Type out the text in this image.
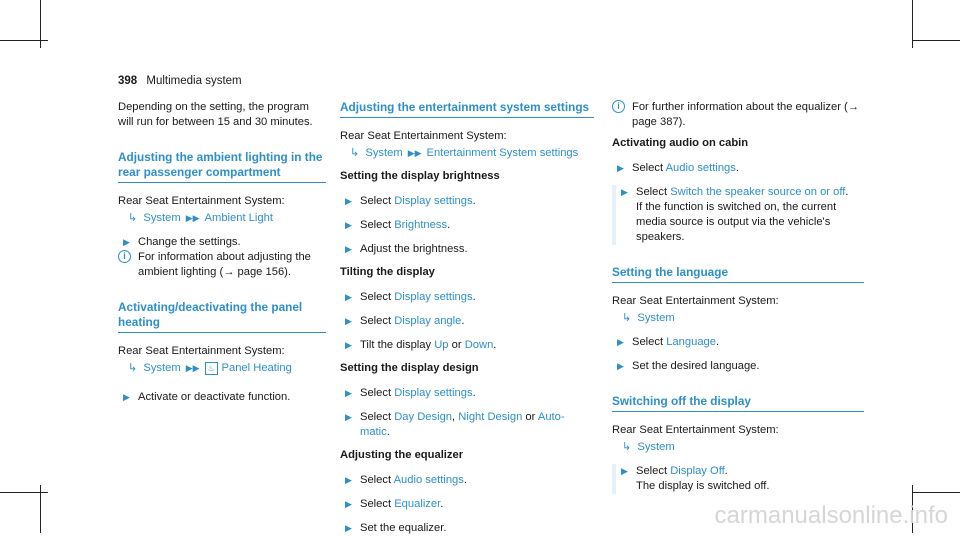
398 Multimedia system

Depending on the setting, the program will run for between 15 and 30 minutes.

Adjusting the ambient lighting in the rear passenger compartment

Rear Seat Entertainment System:

↳ System ▶▶ Ambient Light
▶ Change the settings.
i	For information about adjusting the ambient lighting (→ page 156).
Activating/deactivating the panel heating

Rear Seat Entertainment System:

↳ System ▶▶ ♨ Panel Heating
▶ Activate or deactivate function.
Adjusting the entertainment system settings

Rear Seat Entertainment System:

↳ System ▶▶ Entertainment System settings
Setting the display brightness
▶ Select Display settings.
▶ Select Brightness.
▶ Adjust the brightness.
Tilting the display
▶ Select Display settings.
▶ Select Display angle.
▶ Tilt the display Up or Down.
Setting the display design
▶ Select Display settings.
▶ Select Day Design, Night Design or Auto-matic.
Adjusting the equalizer
▶ Select Audio settings.
▶ Select Equalizer.
▶ Set the equalizer.
i	For further information about the equalizer (→ page 387).
Activating audio on cabin
▶ Select Audio settings.
▶ Select Switch the speaker source on or off.
If the function is switched on, the current media source is output via the vehicle's speakers.
Setting the language

Rear Seat Entertainment System:

↳ System
▶ Select Language.
▶ Set the desired language.
Switching off the display

Rear Seat Entertainment System:

↳ System
▶ Select Display Off.
The display is switched off.
carmanualsonline.info
